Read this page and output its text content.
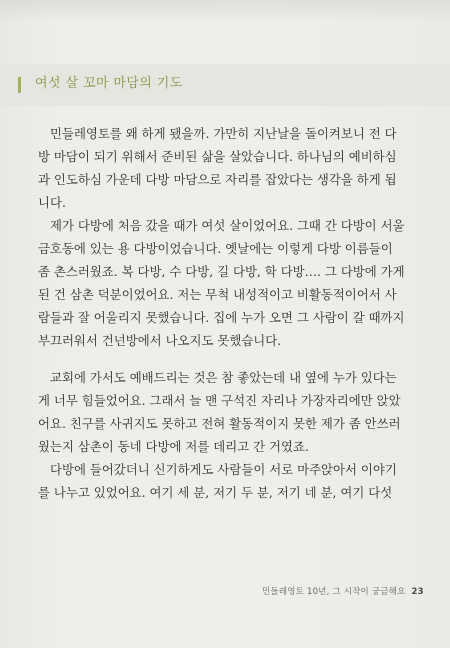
여섯 살 꼬마 마담의 기도
민들레영토를 왜 하게 됐을까. 가만히 지난날을 돌이켜보니 전 다
방 마담이 되기 위해서 준비된 삶을 살았습니다. 하나님의 예비하심
과 인도하심 가운데 다방 마담으로 자리를 잡았다는 생각을 하게 됩
니다.
제가 다방에 처음 갔을 때가 여섯 살이었어요. 그때 간 다방이 서울
금호동에 있는 용 다방이었습니다. 옛날에는 이렇게 다방 이름들이
좀 촌스러웠죠. 복 다방, 수 다방, 길 다방, 학 다방…. 그 다방에 가게
된 건 삼촌 덕분이었어요. 저는 무척 내성적이고 비활동적이어서 사
람들과 잘 어울리지 못했습니다. 집에 누가 오면 그 사람이 갈 때까지
부끄러워서 건넌방에서 나오지도 못했습니다.
교회에 가서도 예배드리는 것은 참 좋았는데 내 옆에 누가 있다는
게 너무 힘들었어요. 그래서 늘 맨 구석진 자리나 가장자리에만 앉았
어요. 친구를 사귀지도 못하고 전혀 활동적이지 못한 제가 좀 안쓰러
웠는지 삼촌이 동네 다방에 저를 데리고 간 거였죠.
다방에 들어갔더니 신기하게도 사람들이 서로 마주앉아서 이야기
를 나누고 있었어요. 여기 세 분, 저기 두 분, 저기 네 분, 여기 다섯
민들레영토 10년, 그 시작이 궁금해요 23
